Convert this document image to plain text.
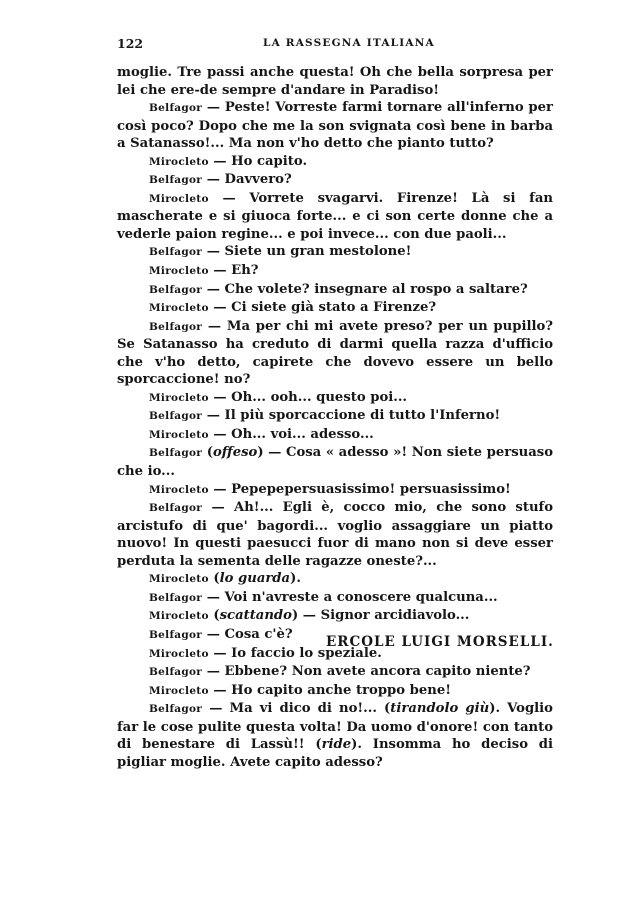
122	LA RASSEGNA ITALIANA

moglie. Tre passi anche questa! Oh che bella sorpresa per lei che ere-de sempre d'andare in Paradiso!

Belfagor — Peste! Vorreste farmi tornare all'inferno per così poco? Dopo che me la son svignata così bene in barba a Satanasso!... Ma non v'ho detto che pianto tutto?

Mirocleto — Ho capito.

Belfagor — Davvero?

Mirocleto — Vorrete svagarvi. Firenze! Là si fan mascherate e si giuoca forte... e ci son certe donne che a vederle paion regine... e poi invece... con due paoli...

Belfagor — Siete un gran mestolone!

Mirocleto — Eh?

Belfagor — Che volete? insegnare al rospo a saltare?

Mirocleto — Ci siete già stato a Firenze?

Belfagor — Ma per chi mi avete preso? per un pupillo? Se Satanasso ha creduto di darmi quella razza d'ufficio che v'ho detto, capirete che dovevo essere un bello sporcaccione! no?

Mirocleto — Oh... ooh... questo poi...

Belfagor — Il più sporcaccione di tutto l'Inferno!

Mirocleto — Oh... voi... adesso...

Belfagor (offeso) — Cosa « adesso »! Non siete persuaso che io...

Mirocleto — Pepepepersuasissimo! persuasissimo!

Belfagor — Ah!... Egli è, cocco mio, che sono stufo arcistufo di que' bagordi... voglio assaggiare un piatto nuovo! In questi paesucci fuor di mano non si deve esser perduta la sementa delle ragazze oneste?...

Mirocleto (lo guarda).

Belfagor — Voi n'avreste a conoscere qualcuna...

Mirocleto (scattando) — Signor arcidiavolo...

Belfagor — Cosa c'è?

Mirocleto — Io faccio lo speziale.

Belfagor — Ebbene? Non avete ancora capito niente?

Mirocleto — Ho capito anche troppo bene!

Belfagor — Ma vi dico di no!... (tirandolo giù). Voglio far le cose pulite questa volta! Da uomo d'onore! con tanto di benestare di Lassù!! (ride). Insomma ho deciso di pigliar moglie. Avete capito adesso?

ERCOLE LUIGI MORSELLI.
